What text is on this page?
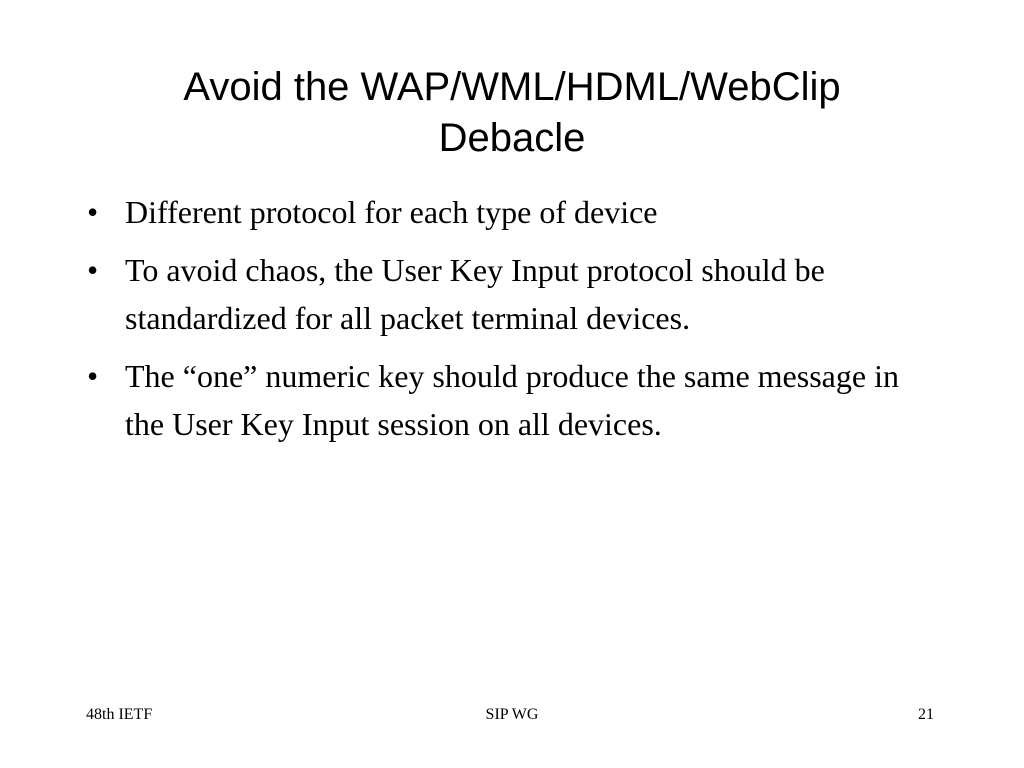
Avoid the WAP/WML/HDML/WebClip
Debacle
• Different protocol for each type of device
• To avoid chaos, the User Key Input protocol should be standardized for all packet terminal devices.
• The “one” numeric key should produce the same message in the User Key Input session on all devices.
48th IETF	SIP WG	21
